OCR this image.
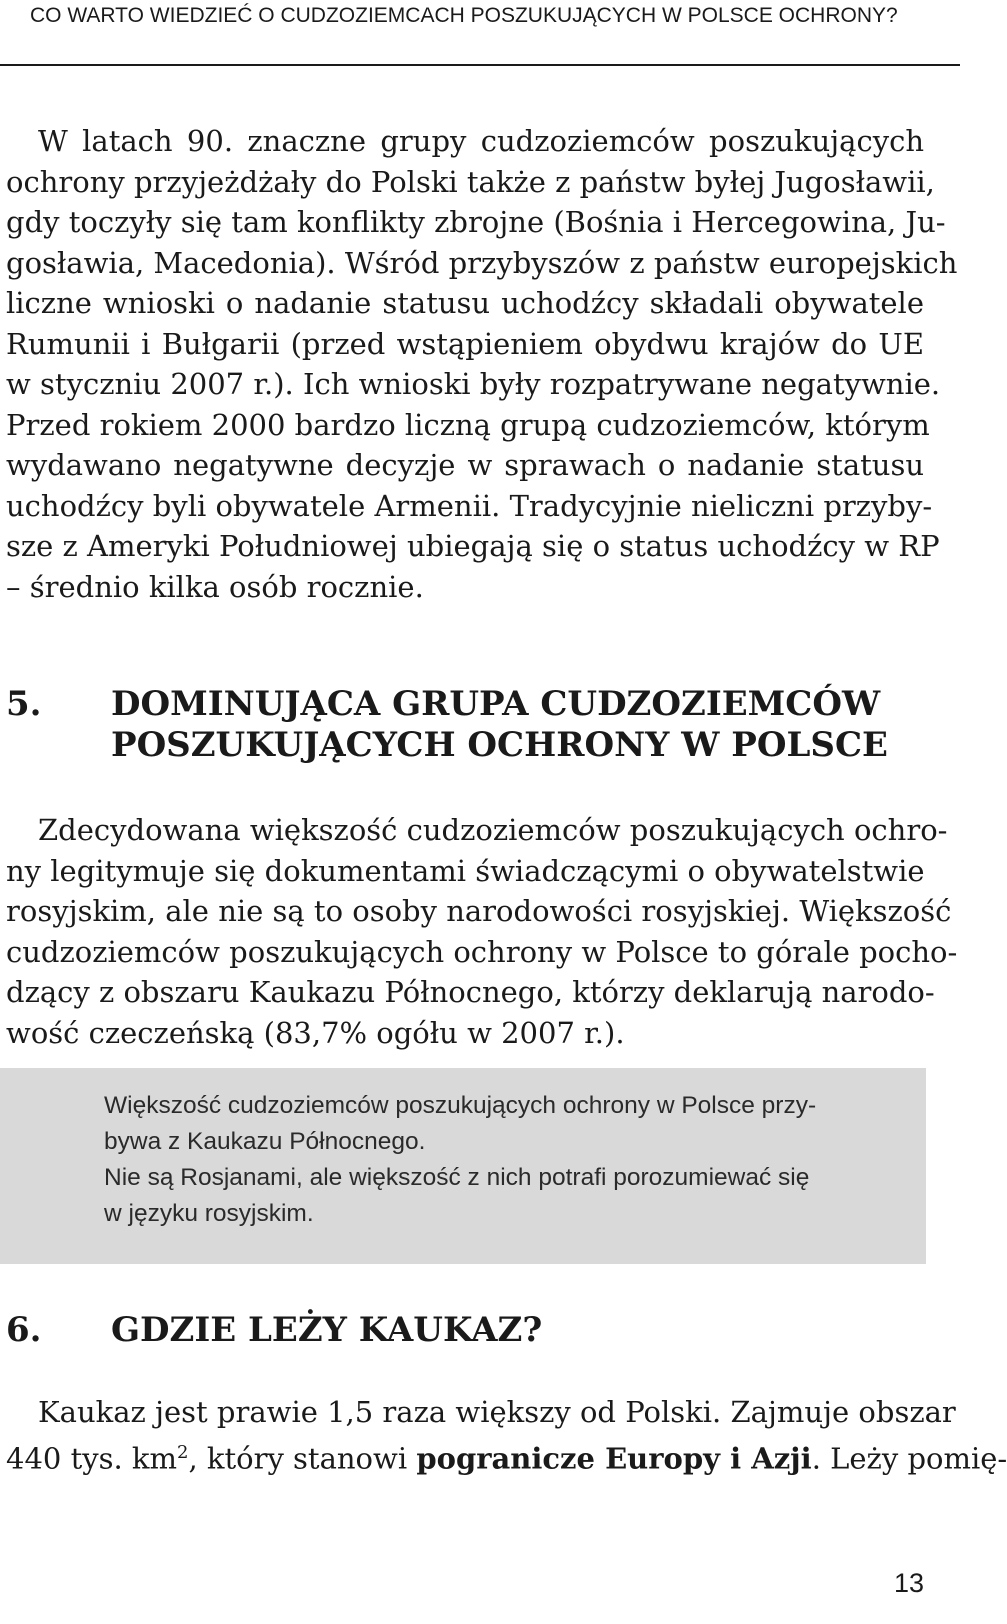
CO WARTO WIEDZIEĆ O CUDZOZIEMCACH POSZUKUJĄCYCH W POLSCE OCHRONY?
W latach 90. znaczne grupy cudzoziemców poszukujących
ochrony przyjeżdżały do Polski także z państw byłej Jugosławii,
gdy toczyły się tam konflikty zbrojne (Bośnia i Hercegowina, Ju-
gosławia, Macedonia). Wśród przybyszów z państw europejskich
liczne wnioski o nadanie statusu uchodźcy składali obywatele
Rumunii i Bułgarii (przed wstąpieniem obydwu krajów do UE
w styczniu 2007 r.). Ich wnioski były rozpatrywane negatywnie.
Przed rokiem 2000 bardzo liczną grupą cudzoziemców, którym
wydawano negatywne decyzje w sprawach o nadanie statusu
uchodźcy byli obywatele Armenii. Tradycyjnie nieliczni przyby-
sze z Ameryki Południowej ubiegają się o status uchodźcy w RP
– średnio kilka osób rocznie.
5. DOMINUJĄCA GRUPA CUDZOZIEMCÓW
POSZUKUJĄCYCH OCHRONY W POLSCE
Zdecydowana większość cudzoziemców poszukujących ochro-
ny legitymuje się dokumentami świadczącymi o obywatelstwie
rosyjskim, ale nie są to osoby narodowości rosyjskiej. Większość
cudzoziemców poszukujących ochrony w Polsce to górale pocho-
dzący z obszaru Kaukazu Północnego, którzy deklarują narodo-
wość czeczeńską (83,7% ogółu w 2007 r.).
Większość cudzoziemców poszukujących ochrony w Polsce przy-
bywa z Kaukazu Północnego.
Nie są Rosjanami, ale większość z nich potrafi porozumiewać się
w języku rosyjskim.
6. GDZIE LEŻY KAUKAZ?
Kaukaz jest prawie 1,5 raza większy od Polski. Zajmuje obszar
440 tys. $km^2$, który stanowi pogranicze Europy i Azji. Leży pomię-
13
